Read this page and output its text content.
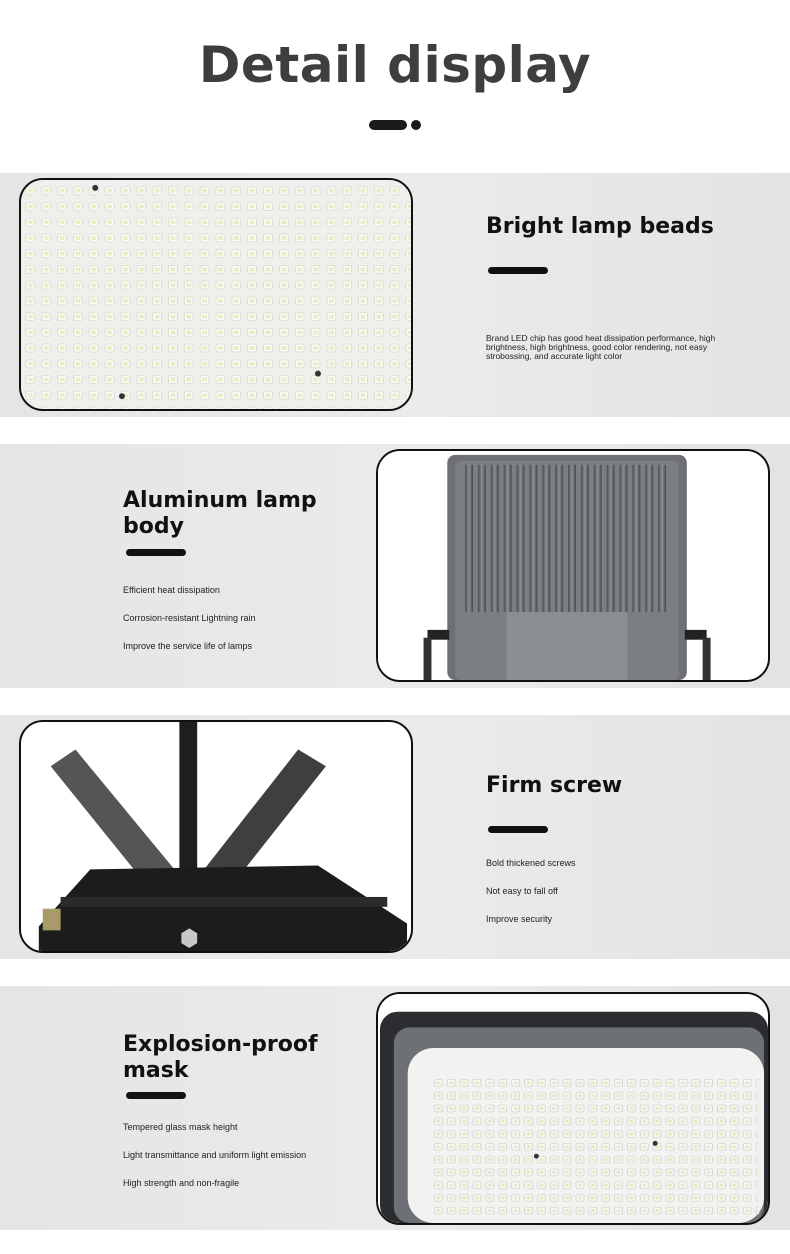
Detail display
Bright lamp beads
Brand LED chip has good heat dissipation performance, high brightness, high brightness, good color rendering, not easy strobossing, and accurate light color
Aluminum lamp body
Efficient heat dissipation
Corrosion-resistant Lightning rain
Improve the service life of lamps
Firm screw
Bold thickened screws
Not easy to fall off
Improve security
Explosion-proof mask
Tempered glass mask height
Light transmittance and uniform light emission
High strength and non-fragile
